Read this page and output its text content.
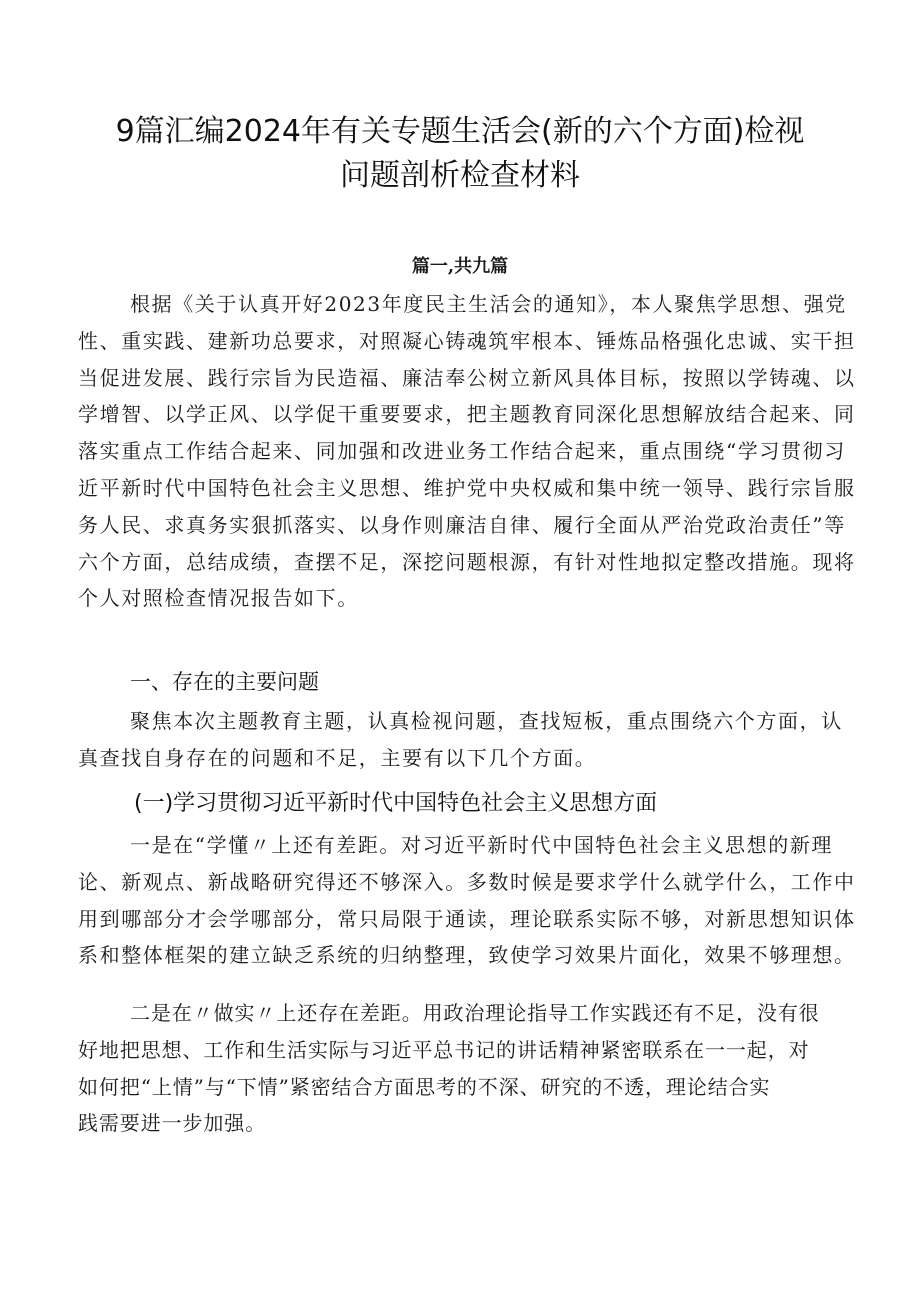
9篇汇编2024年有关专题生活会(新的六个方面)检视
问题剖析检查材料
篇一,共九篇
根据《关于认真开好2023年度民主生活会的通知》，本人聚焦学思想、强党
性、重实践、建新功总要求，对照凝心铸魂筑牢根本、锤炼品格强化忠诚、实干担
当促进发展、践行宗旨为民造福、廉洁奉公树立新风具体目标，按照以学铸魂、以
学增智、以学正风、以学促干重要要求，把主题教育同深化思想解放结合起来、同
落实重点工作结合起来、同加强和改进业务工作结合起来，重点围绕“学习贯彻习
近平新时代中国特色社会主义思想、维护党中央权威和集中统一领导、践行宗旨服
务人民、求真务实狠抓落实、以身作则廉洁自律、履行全面从严治党政治责任”等
六个方面，总结成绩，查摆不足，深挖问题根源，有针对性地拟定整改措施。现将
个人对照检查情况报告如下。
一、存在的主要问题
聚焦本次主题教育主题，认真检视问题，查找短板，重点围绕六个方面，认
真查找自身存在的问题和不足，主要有以下几个方面。
(一)学习贯彻习近平新时代中国特色社会主义思想方面
一是在“学懂〃上还有差距。对习近平新时代中国特色社会主义思想的新理
论、新观点、新战略研究得还不够深入。多数时候是要求学什么就学什么，工作中
用到哪部分才会学哪部分，常只局限于通读，理论联系实际不够，对新思想知识体
系和整体框架的建立缺乏系统的归纳整理，致使学习效果片面化，效果不够理想。
二是在〃做实〃上还存在差距。用政治理论指导工作实践还有不足，没有很
好地把思想、工作和生活实际与习近平总书记的讲话精神紧密联系在一一起，对
如何把“上情”与“下情”紧密结合方面思考的不深、研究的不透，理论结合实
践需要进一步加强。
